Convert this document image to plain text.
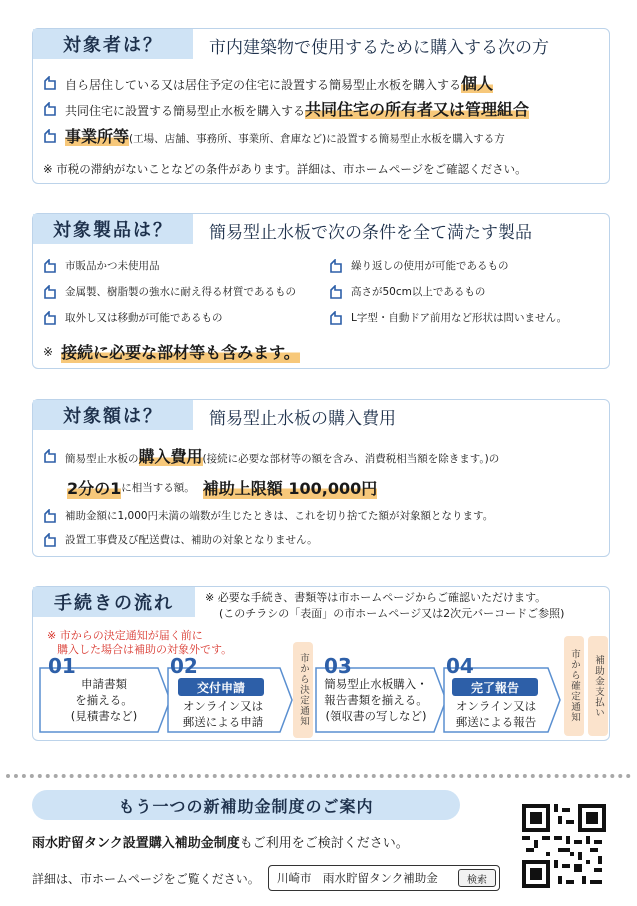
対象者は？	市内建築物で使用するために購入する次の方
自ら居住している又は居住予定の住宅に設置する簡易型止水板を購入する個人
共同住宅に設置する簡易型止水板を購入する共同住宅の所有者又は管理組合
事業所等(工場、店舗、事務所、事業所、倉庫など)に設置する簡易型止水板を購入する方
※ 市税の滞納がないことなどの条件があります。詳細は、市ホームページをご確認ください。
対象製品は？	簡易型止水板で次の条件を全て満たす製品
市販品かつ未使用品
金属製、樹脂製の強水に耐え得る材質であるもの
取外し又は移動が可能であるもの
繰り返しの使用が可能であるもの
高さが50cm以上であるもの
L字型・自動ドア前用など形状は問いません。
※ 接続に必要な部材等も含みます。
対象額は？	簡易型止水板の購入費用
簡易型止水板の購入費用(接続に必要な部材等の額を含み、消費税相当額を除きます。)の
2分の1 に相当する額。 補助上限額 100,000円
補助金額に1,000円未満の端数が生じたときは、これを切り捨てた額が対象額となります。
設置工事費及び配送費は、補助の対象となりません。
手続きの流れ	※ 必要な手続き、書類等は市ホームページからご確認いただけます。
(このチラシの「表面」の市ホームページ又は2次元バーコードご参照)
※ 市からの決定通知が届く前に
購入した場合は補助の対象外です。
01
申請書類
を揃える。
(見積書など)
02
交付申請
オンライン又は
郵送による申請	市から決定通知 03
簡易型止水板購入・
報告書類を揃える。
(領収書の写しなど)
04
完了報告
オンライン又は
郵送による報告	市から確定通知	補助金支払い
もう一つの新補助金制度のご案内
雨水貯留タンク設置購入補助金制度もご利用をご検討ください。
詳細は、市ホームページをご覧ください。 川崎市　雨水貯留タンク補助金	検索
